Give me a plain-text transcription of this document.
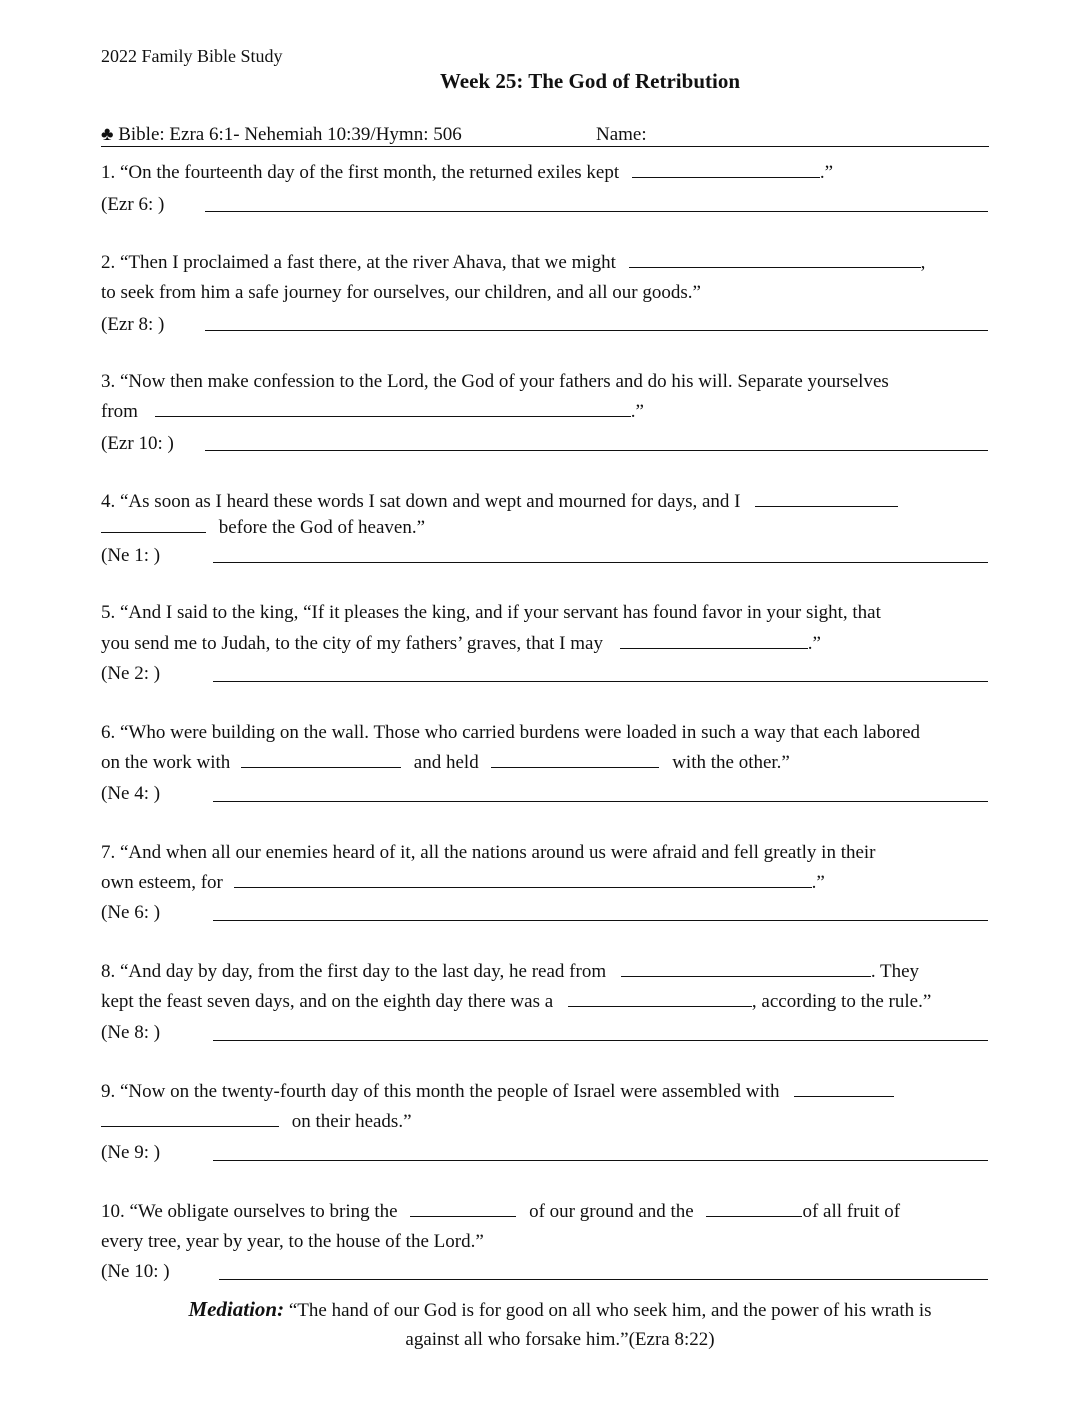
2022 Family Bible Study
Week 25: The God of Retribution
♣ Bible: Ezra 6:1- Nehemiah 10:39/Hymn: 506	Name:
1. “On the fourteenth day of the first month, the returned exiles kept	.”
(Ezr 6: )
2. “Then I proclaimed a fast there, at the river Ahava, that we might	,
to seek from him a safe journey for ourselves, our children, and all our goods.”
(Ezr 8: )
3. “Now then make confession to the Lord, the God of your fathers and do his will. Separate yourselves
from	.”
(Ezr 10: )
4. “As soon as I heard these words I sat down and wept and mourned for days, and I
before the God of heaven.”
(Ne 1: )
5. “And I said to the king, “If it pleases the king, and if your servant has found favor in your sight, that
you send me to Judah, to the city of my fathers’ graves, that I may	.”
(Ne 2: )
6. “Who were building on the wall. Those who carried burdens were loaded in such a way that each labored
on the work with	and held	with the other.”
(Ne 4: )
7. “And when all our enemies heard of it, all the nations around us were afraid and fell greatly in their
own esteem, for	.”
(Ne 6: )
8. “And day by day, from the first day to the last day, he read from	. They
kept the feast seven days, and on the eighth day there was a	, according to the rule.”
(Ne 8: )
9. “Now on the twenty-fourth day of this month the people of Israel were assembled with
on their heads.”
(Ne 9: )
10. “We obligate ourselves to bring the	of our ground and the	of all fruit of
every tree, year by year, to the house of the Lord.”
(Ne 10: )
Mediation: “The hand of our God is for good on all who seek him, and the power of his wrath is
against all who forsake him.”(Ezra 8:22)
